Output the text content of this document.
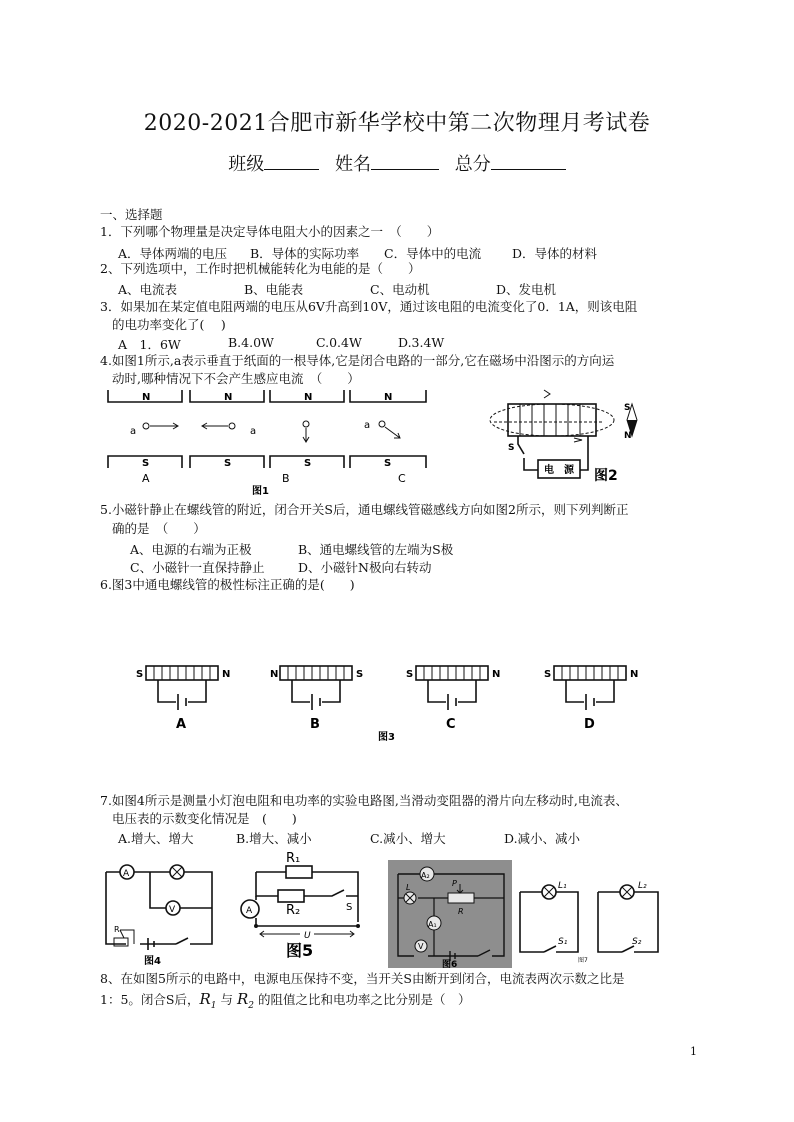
2020-2021合肥市新华学校中第二次物理月考试卷
班级	姓名	总分
一、选择题
1．下列哪个物理量是决定导体电阻大小的因素之一　（　　）
A．导体两端的电压 B．导体的实际功率 C．导体中的电流 D．导体的材料
2、下列选项中，工作时把机械能转化为电能的是（　　）
A、电流表	B、电能表	C、电动机	D、发电机
3．如果加在某定值电阻两端的电压从6V升高到10V，通过该电阻的电流变化了0．1A，则该电阻
的电功率变化了(　 )
A　1．6W	B.4.0W	C.0.4W	D.3.4W
4.如图1所示,a表示垂直于纸面的一根导体,它是闭合电路的一部分,它在磁场中沿图示的方向运
动时,哪种情况下不会产生感应电流　（　　）
N	N	N	N
S	S	S	S
a	a
a
A	B	C
图1
S
N
S
电　源 图2
5.小磁针静止在螺线管的附近，闭合开关S后，通电螺线管磁感线方向如图2所示，则下列判断正
确的是　（　　）
A、电源的右端为正极	B、通电螺线管的左端为S极
C、小磁针一直保持静止	D、小磁针N极向右转动
6.图3中通电螺线管的极性标注正确的是(　　)
S	N
A
N	S
B
S	N
C
S	N
D
图3
7.如图4所示是测量小灯泡电阻和电功率的实验电路图,当滑动变阻器的滑片向左移动时,电流表、
电压表的示数变化情况是　(　　)
A.增大、增大	B.增大、减小	C.减小、增大	D.减小、减小
A
V
R
图4
R₁
R₂	S
A
U
图5
A₂
L	P
R
A₁
V
图6
L₁
S₁
L₂
S₂
图7
8、在如图5所示的电路中，电源电压保持不变，当开关S由断开到闭合，电流表两次示数之比是
1：5。闭合S后，$R_1$ 与 $R_2$ 的阻值之比和电功率之比分别是（　）
1
